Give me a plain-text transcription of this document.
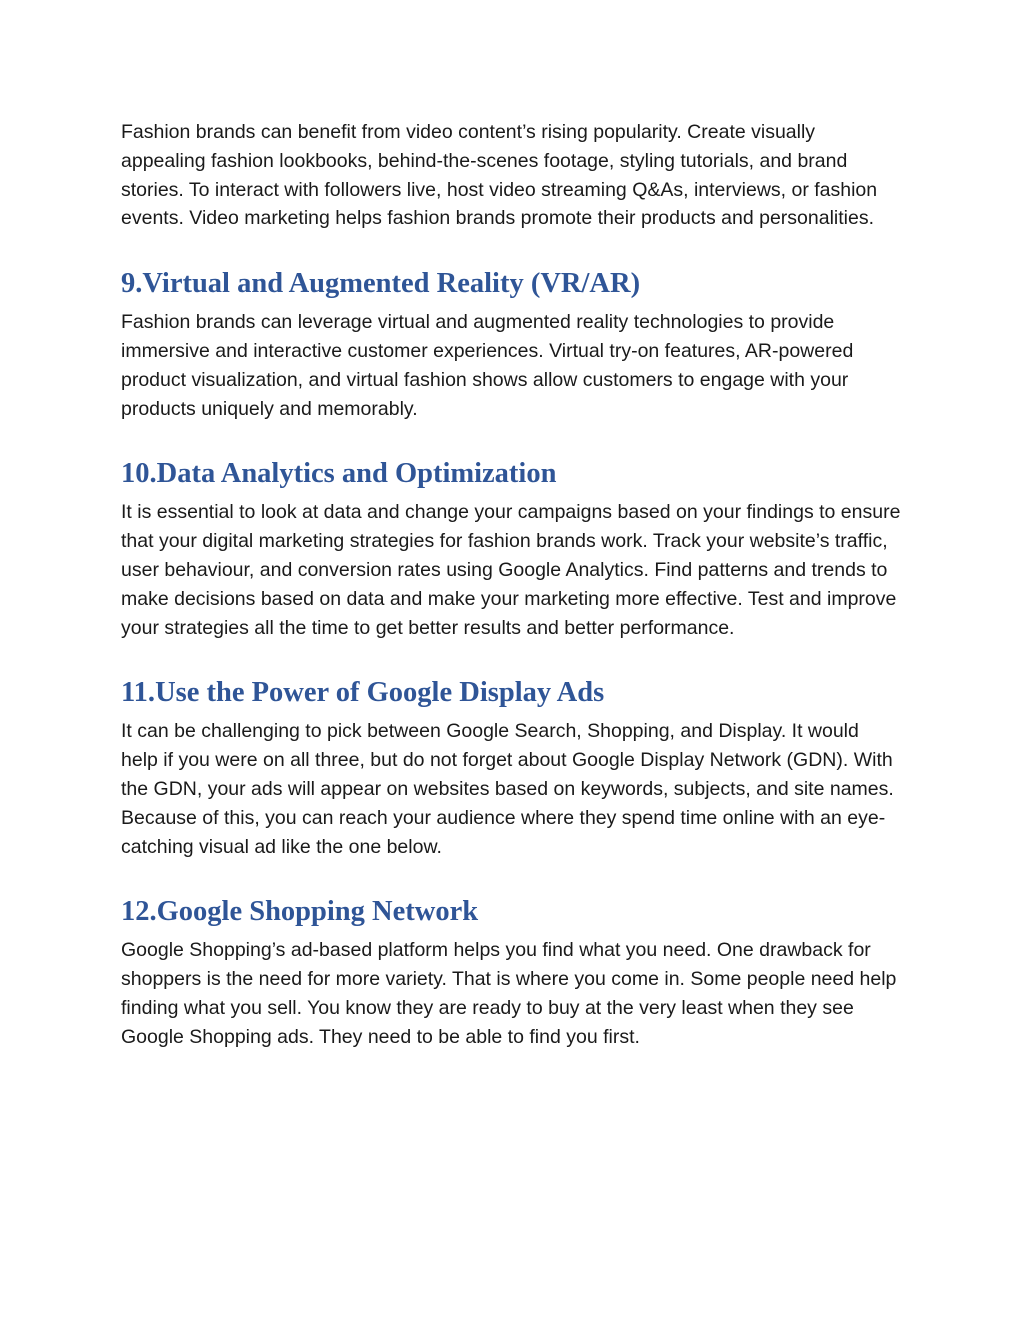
Fashion brands can benefit from video content’s rising popularity. Create visually appealing fashion lookbooks, behind-the-scenes footage, styling tutorials, and brand stories. To interact with followers live, host video streaming Q&As, interviews, or fashion events. Video marketing helps fashion brands promote their products and personalities.

9. Virtual and Augmented Reality (VR/AR)

Fashion brands can leverage virtual and augmented reality technologies to provide immersive and interactive customer experiences. Virtual try-on features, AR-powered product visualization, and virtual fashion shows allow customers to engage with your products uniquely and memorably.

10. Data Analytics and Optimization

It is essential to look at data and change your campaigns based on your findings to ensure that your digital marketing strategies for fashion brands work. Track your website’s traffic, user behaviour, and conversion rates using Google Analytics. Find patterns and trends to make decisions based on data and make your marketing more effective. Test and improve your strategies all the time to get better results and better performance.

11. Use the Power of Google Display Ads

It can be challenging to pick between Google Search, Shopping, and Display. It would help if you were on all three, but do not forget about Google Display Network (GDN). With the GDN, your ads will appear on websites based on keywords, subjects, and site names. Because of this, you can reach your audience where they spend time online with an eye-catching visual ad like the one below.

12. Google Shopping Network

Google Shopping’s ad-based platform helps you find what you need. One drawback for shoppers is the need for more variety. That is where you come in. Some people need help finding what you sell. You know they are ready to buy at the very least when they see Google Shopping ads. They need to be able to find you first.
